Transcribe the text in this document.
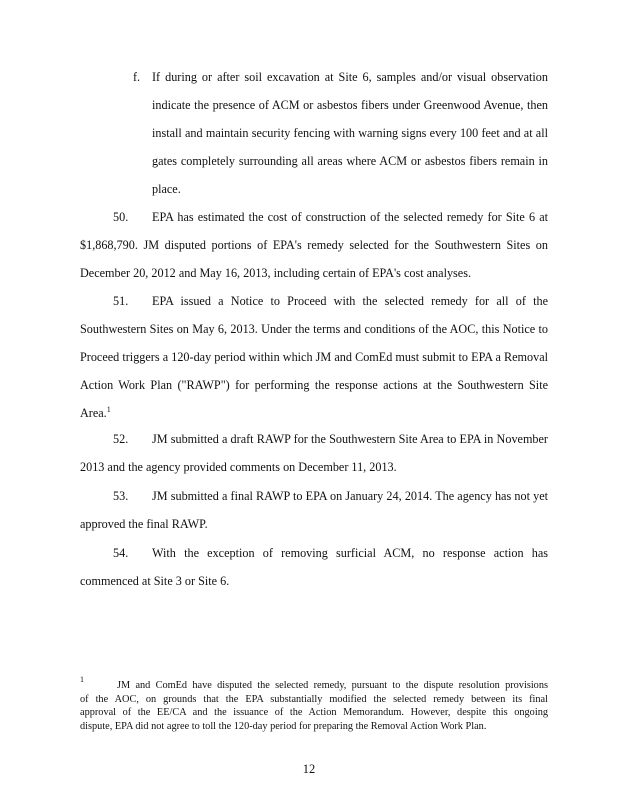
f. If during or after soil excavation at Site 6, samples and/or visual observation
indicate the presence of ACM or asbestos fibers under Greenwood Avenue, then
install and maintain security fencing with warning signs every 100 feet and at all
gates completely surrounding all areas where ACM or asbestos fibers remain in
place.
50. EPA has estimated the cost of construction of the selected remedy for Site 6 at
$1,868,790. JM disputed portions of EPA's remedy selected for the Southwestern Sites on
December 20, 2012 and May 16, 2013, including certain of EPA's cost analyses.
51. EPA issued a Notice to Proceed with the selected remedy for all of the
Southwestern Sites on May 6, 2013. Under the terms and conditions of the AOC, this Notice to
Proceed triggers a 120-day period within which JM and ComEd must submit to EPA a Removal
Action Work Plan ("RAWP") for performing the response actions at the Southwestern Site
Area.$^1$
52. JM submitted a draft RAWP for the Southwestern Site Area to EPA in November
2013 and the agency provided comments on December 11, 2013.
53. JM submitted a final RAWP to EPA on January 24, 2014. The agency has not yet
approved the final RAWP.
54. With the exception of removing surficial ACM, no response action has
commenced at Site 3 or Site 6.
1
JM and ComEd have disputed the selected remedy, pursuant to the dispute resolution provisions
of the AOC, on grounds that the EPA substantially modified the selected remedy between its final
approval of the EE/CA and the issuance of the Action Memorandum. However, despite this ongoing
dispute, EPA did not agree to toll the 120-day period for preparing the Removal Action Work Plan.
12
